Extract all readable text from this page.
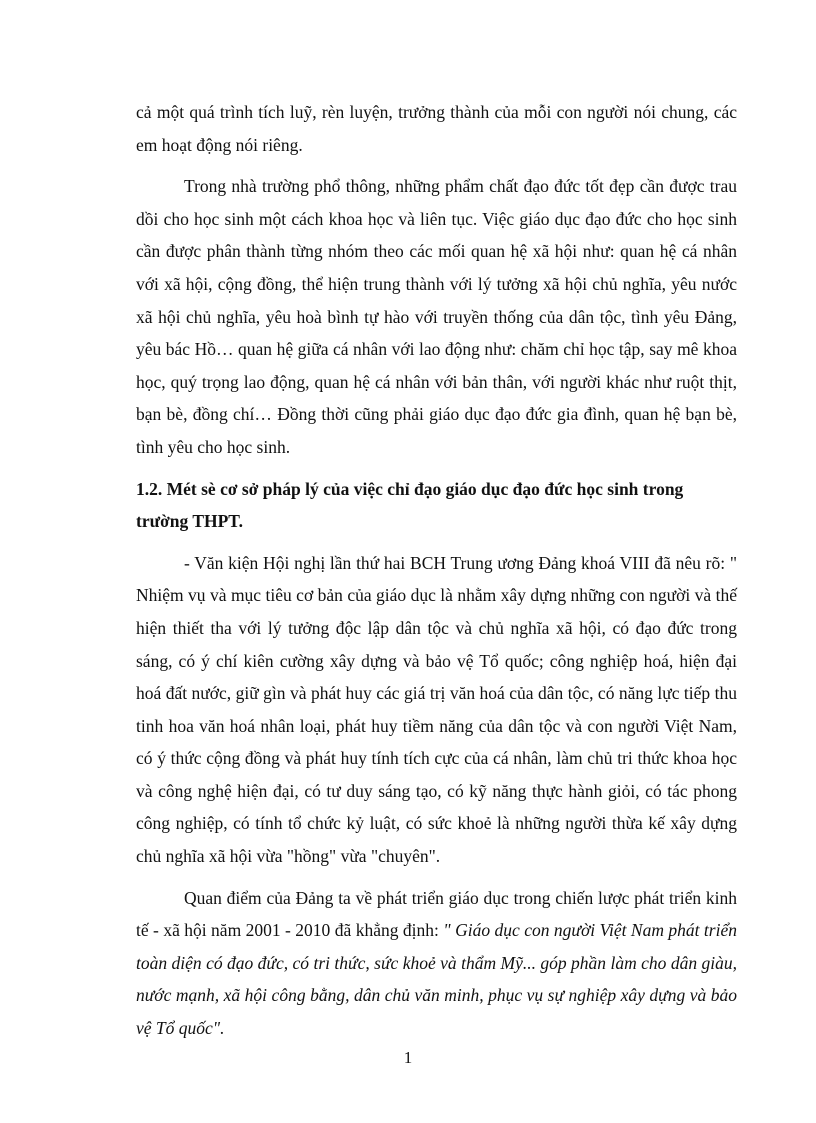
cả một quá trình tích luỹ, rèn luyện, trưởng thành của mỗi con người nói chung, các em hoạt động nói riêng.

Trong nhà trường phổ thông, những phẩm chất đạo đức tốt đẹp cần được trau dồi cho học sinh một cách khoa học và liên tục. Việc giáo dục đạo đức cho học sinh cần được phân thành từng nhóm theo các mối quan hệ xã hội như: quan hệ cá nhân với xã hội, cộng đồng, thể hiện trung thành với lý tưởng xã hội chủ nghĩa, yêu nước xã hội chủ nghĩa, yêu hoà bình tự hào với truyền thống của dân tộc, tình yêu Đảng, yêu bác Hồ… quan hệ giữa cá nhân với lao động như: chăm chỉ học tập, say mê khoa học, quý trọng lao động, quan hệ cá nhân với bản thân, với người khác như ruột thịt, bạn bè, đồng chí… Đồng thời cũng phải giáo dục đạo đức gia đình, quan hệ bạn bè, tình yêu cho học sinh.

1.2. Mét sè cơ sở pháp lý của việc chỉ đạo giáo dục đạo đức học sinh trong trường THPT.

- Văn kiện Hội nghị lần thứ hai BCH Trung ương Đảng khoá VIII đã nêu rõ: " Nhiệm vụ và mục tiêu cơ bản của giáo dục là nhằm xây dựng những con người và thế hiện thiết tha với lý tưởng độc lập dân tộc và chủ nghĩa xã hội, có đạo đức trong sáng, có ý chí kiên cường xây dựng và bảo vệ Tổ quốc; công nghiệp hoá, hiện đại hoá đất nước, giữ gìn và phát huy các giá trị văn hoá của dân tộc, có năng lực tiếp thu tinh hoa văn hoá nhân loại, phát huy tiềm năng của dân tộc và con người Việt Nam, có ý thức cộng đồng và phát huy tính tích cực của cá nhân, làm chủ tri thức khoa học và công nghệ hiện đại, có tư duy sáng tạo, có kỹ năng thực hành giỏi, có tác phong công nghiệp, có tính tổ chức kỷ luật, có sức khoẻ là những người thừa kế xây dựng chủ nghĩa xã hội vừa "hồng" vừa "chuyên".

Quan điểm của Đảng ta về phát triển giáo dục trong chiến lược phát triển kinh tế - xã hội năm 2001 - 2010 đã khẳng định: " Giáo dục con người Việt Nam phát triển toàn diện có đạo đức, có tri thức, sức khoẻ và thẩm Mỹ... góp phần làm cho dân giàu, nước mạnh, xã hội công bằng, dân chủ văn minh, phục vụ sự nghiệp xây dựng và bảo vệ Tổ quốc".

1
